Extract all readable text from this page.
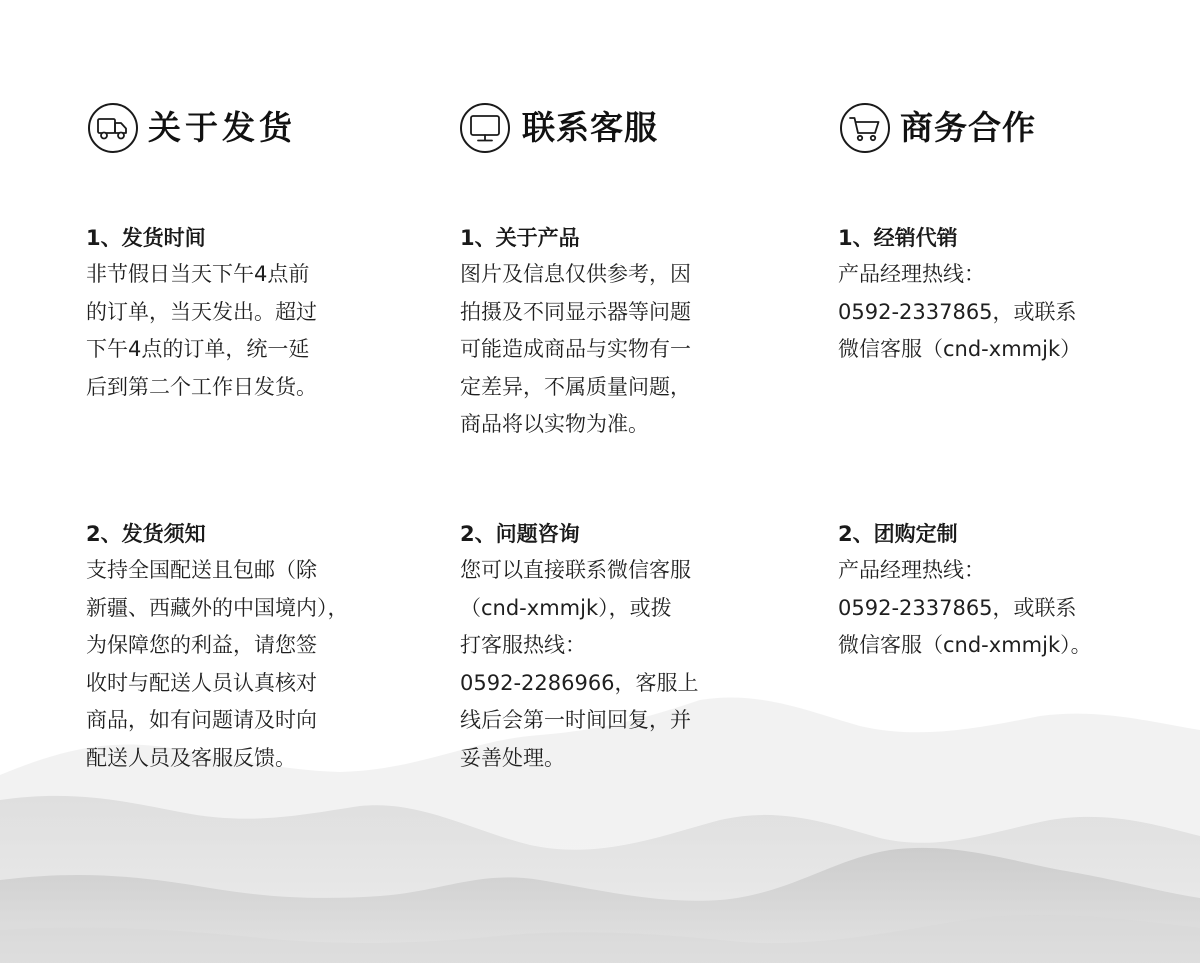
关于发货
1、发货时间
非节假日当天下午4点前
的订单，当天发出。超过
下午4点的订单，统一延
后到第二个工作日发货。
2、发货须知
支持全国配送且包邮（除
新疆、西藏外的中国境内），
为保障您的利益，请您签
收时与配送人员认真核对
商品，如有问题请及时向
配送人员及客服反馈。
联系客服
1、关于产品
图片及信息仅供参考，因
拍摄及不同显示器等问题
可能造成商品与实物有一
定差异，不属质量问题，
商品将以实物为准。
2、问题咨询
您可以直接联系微信客服
（cnd-xmmjk），或拨
打客服热线：
0592-2286966，客服上
线后会第一时间回复，并
妥善处理。
商务合作
1、经销代销
产品经理热线：
0592-2337865，或联系
微信客服（cnd-xmmjk）
2、团购定制
产品经理热线：
0592-2337865，或联系
微信客服（cnd-xmmjk）。
